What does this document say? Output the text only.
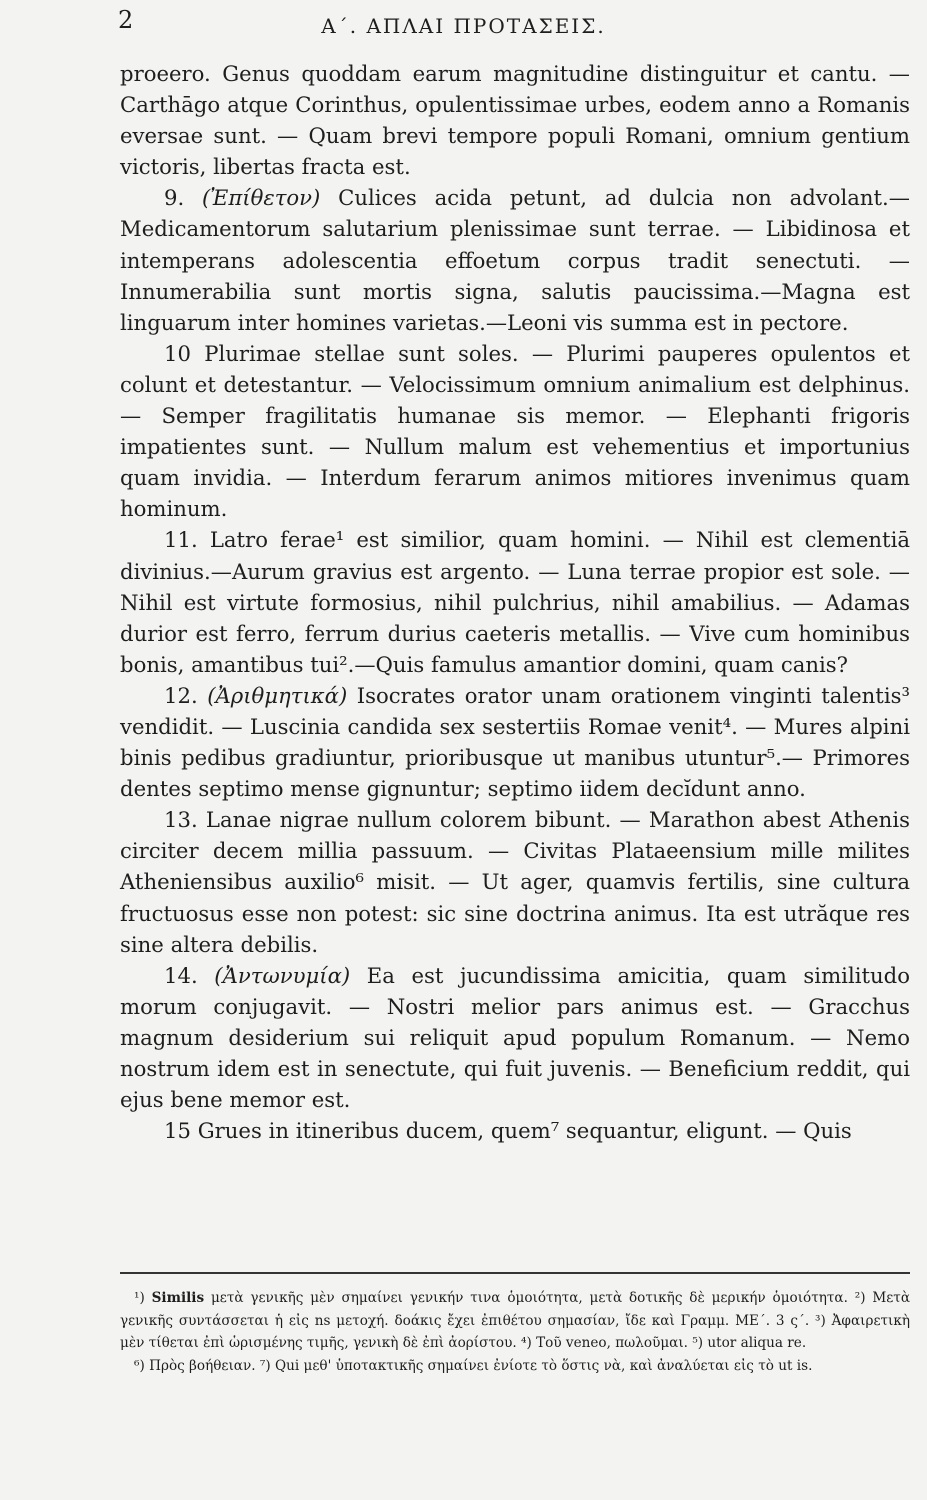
2	Α΄. ΑΠΛΑΙ ΠΡΟΤΑΣΕΙΣ.

proeero. Genus quoddam earum magnitudine distinguitur et cantu. — Carthāgo atque Corinthus, opulentissimae urbes, eodem anno a Romanis eversae sunt. — Quam brevi tempore populi Romani, omnium gentium victoris, libertas fracta est.

9. (Ἐπίθετον) Culices acida petunt, ad dulcia non advolant.—Medicamentorum salutarium plenissimae sunt terrae. — Libidinosa et intemperans adolescentia effoetum corpus tradit senectuti. — Innumerabilia sunt mortis signa, salutis paucissima.—Magna est linguarum inter homines varietas.—Leoni vis summa est in pectore.

10 Plurimae stellae sunt soles. — Plurimi pauperes opulentos et colunt et detestantur. — Velocissimum omnium animalium est delphinus. — Semper fragilitatis humanae sis memor. — Elephanti frigoris impatientes sunt. — Nullum malum est vehementius et importunius quam invidia. — Interdum ferarum animos mitiores invenimus quam hominum.

11. Latro ferae¹ est similior, quam homini. — Nihil est clementiā divinius.—Aurum gravius est argento. — Luna terrae propior est sole. —Nihil est virtute formosius, nihil pulchrius, nihil amabilius. — Adamas durior est ferro, ferrum durius caeteris metallis. — Vive cum hominibus bonis, amantibus tui².—Quis famulus amantior domini, quam canis?

12. (Ἀριθμητικά) Isocrates orator unam orationem vinginti talentis³ vendidit. — Luscinia candida sex sestertiis Romae venit⁴. — Mures alpini binis pedibus gradiuntur, prioribusque ut manibus utuntur⁵.— Primores dentes septimo mense gignuntur; septimo iidem decĭdunt anno.

13. Lanae nigrae nullum colorem bibunt. — Marathon abest Athenis circiter decem millia passuum. — Civitas Plataeensium mille milites Atheniensibus auxilio⁶ misit. — Ut ager, quamvis fertilis, sine cultura fructuosus esse non potest: sic sine doctrina animus. Ita est utrăque res sine altera debilis.

14. (Ἀντωνυμία) Ea est jucundissima amicitia, quam similitudo morum conjugavit. — Nostri melior pars animus est. — Gracchus magnum desiderium sui reliquit apud populum Romanum. — Nemo nostrum idem est in senectute, qui fuit juvenis. — Beneficium reddit, qui ejus bene memor est.

15 Grues in itineribus ducem, quem⁷ sequantur, eligunt. — Quis

¹) Similis μετὰ γενικῆς μὲν σημαίνει γενικήν τινα ὁμοιότητα, μετὰ δοτικῆς δὲ μερικήν ὁμοιότητα. ²) Μετὰ γενικῆς συντάσσεται ἡ εἰς ns μετοχή. δοάκις ἔχει ἐπιθέτου σημασίαν, ἴδε καὶ Γραμμ. ΜΕ΄. 3 ς΄. ³) Ἀφαιρετικὴ μὲν τίθεται ἐπὶ ὡρισμένης τιμῆς, γενικὴ δὲ ἐπὶ ἀορίστου. ⁴) Τοῦ veneo, πωλοῦμαι. ⁵) utor aliqua re.

⁶) Πρὸς βοήθειαν. ⁷) Qui μεθ' ὑποτακτικῆς σημαίνει ἐνίοτε τὸ ὅστις νὰ, καὶ ἀναλύεται εἰς τὸ ut is.
